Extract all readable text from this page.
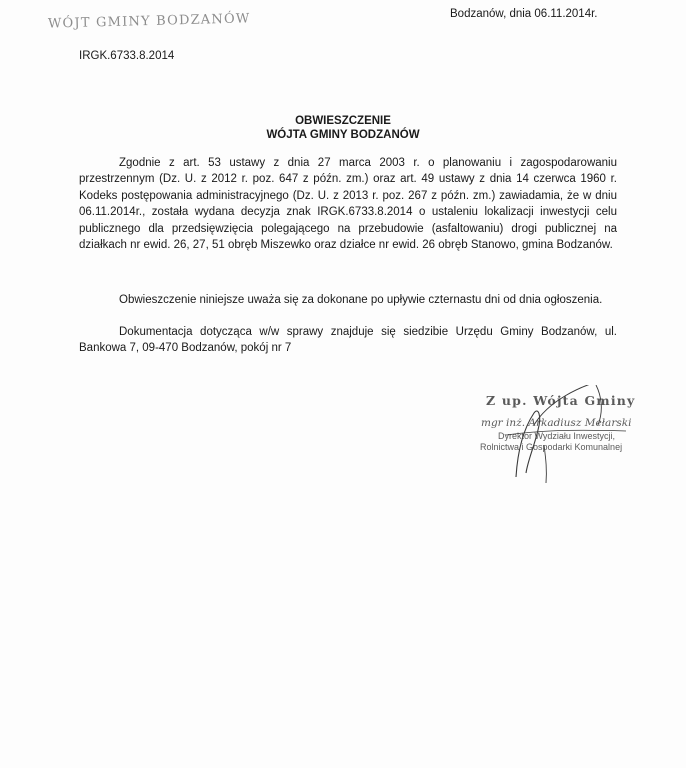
WÓJT GMINY BODZANÓW	Bodzanów, dnia 06.11.2014r.
IRGK.6733.8.2014
OBWIESZCZENIE
WÓJTA GMINY BODZANÓW
Zgodnie z art. 53 ustawy z dnia 27 marca 2003 r. o planowaniu i zagospodarowaniu przestrzennym (Dz. U. z 2012 r. poz. 647 z późn. zm.) oraz art. 49 ustawy z dnia 14 czerwca 1960 r. Kodeks postępowania administracyjnego (Dz. U. z 2013 r. poz. 267 z późn. zm.) zawiadamia, że w dniu 06.11.2014r., została wydana decyzja znak IRGK.6733.8.2014 o ustaleniu lokalizacji inwestycji celu publicznego dla przedsięwzięcia polegającego na przebudowie (asfaltowaniu) drogi publicznej na działkach nr ewid. 26, 27, 51 obręb Miszewko oraz działce nr ewid. 26 obręb Stanowo, gmina Bodzanów.
Obwieszczenie niniejsze uważa się za dokonane po upływie czternastu dni od dnia ogłoszenia.
Dokumentacja dotycząca w/w sprawy znajduje się siedzibie Urzędu Gminy Bodzanów, ul. Bankowa 7, 09-470 Bodzanów, pokój nr 7
Z up. Wójta Gminy
mgr inż. Arkadiusz Mełarski
Dyrektor Wydziału Inwestycji,
Rolnictwa i Gospodarki Komunalnej
